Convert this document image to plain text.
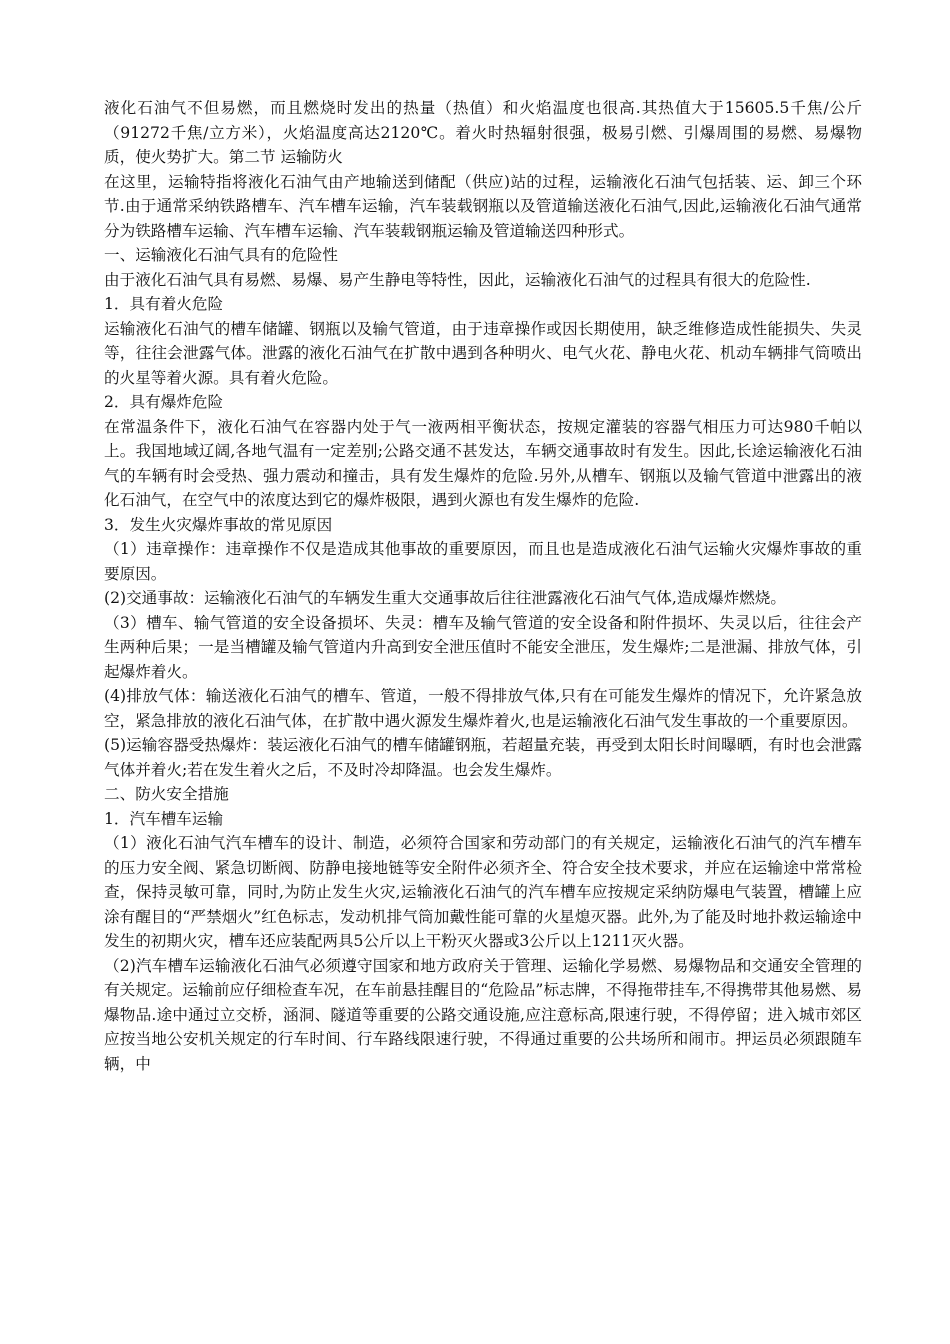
液化石油气不但易燃，而且燃烧时发出的热量（热值）和火焰温度也很高.其热值大于15605.5千焦/公斤（91272千焦/立方米），火焰温度高达2120℃。着火时热辐射很强，极易引燃、引爆周围的易燃、易爆物质，使火势扩大。第二节 运输防火

在这里，运输特指将液化石油气由产地输送到储配（供应)站的过程，运输液化石油气包括装、运、卸三个环节.由于通常采纳铁路槽车、汽车槽车运输，汽车装载钢瓶以及管道输送液化石油气,因此,运输液化石油气通常分为铁路槽车运输、汽车槽车运输、汽车装载钢瓶运输及管道输送四种形式。

一、运输液化石油气具有的危险性

由于液化石油气具有易燃、易爆、易产生静电等特性，因此，运输液化石油气的过程具有很大的危险性.

1．具有着火危险

运输液化石油气的槽车储罐、钢瓶以及输气管道，由于违章操作或因长期使用，缺乏维修造成性能损失、失灵等，往往会泄露气体。泄露的液化石油气在扩散中遇到各种明火、电气火花、静电火花、机动车辆排气筒喷出的火星等着火源。具有着火危险。

2．具有爆炸危险

在常温条件下，液化石油气在容器内处于气一液两相平衡状态，按规定灌装的容器气相压力可达980千帕以上。我国地域辽阔,各地气温有一定差别;公路交通不甚发达，车辆交通事故时有发生。因此,长途运输液化石油气的车辆有时会受热、强力震动和撞击，具有发生爆炸的危险.另外,从槽车、钢瓶以及输气管道中泄露出的液化石油气，在空气中的浓度达到它的爆炸极限，遇到火源也有发生爆炸的危险.

3．发生火灾爆炸事故的常见原因

（1）违章操作：违章操作不仅是造成其他事故的重要原因，而且也是造成液化石油气运输火灾爆炸事故的重要原因。

(2)交通事故：运输液化石油气的车辆发生重大交通事故后往往泄露液化石油气气体,造成爆炸燃烧。

（3）槽车、输气管道的安全设备损坏、失灵：槽车及输气管道的安全设备和附件损坏、失灵以后，往往会产生两种后果；一是当槽罐及输气管道内升高到安全泄压值时不能安全泄压，发生爆炸;二是泄漏、排放气体，引起爆炸着火。

(4)排放气体：输送液化石油气的槽车、管道，一般不得排放气体,只有在可能发生爆炸的情况下，允许紧急放空，紧急排放的液化石油气体，在扩散中遇火源发生爆炸着火,也是运输液化石油气发生事故的一个重要原因。

(5)运输容器受热爆炸：装运液化石油气的槽车储罐钢瓶，若超量充装，再受到太阳长时间曝晒，有时也会泄露气体并着火;若在发生着火之后，不及时冷却降温。也会发生爆炸。

二、防火安全措施

1．汽车槽车运输

（1）液化石油气汽车槽车的设计、制造，必须符合国家和劳动部门的有关规定，运输液化石油气的汽车槽车的压力安全阀、紧急切断阀、防静电接地链等安全附件必须齐全、符合安全技术要求，并应在运输途中常常检查，保持灵敏可靠，同时,为防止发生火灾,运输液化石油气的汽车槽车应按规定采纳防爆电气装置，槽罐上应涂有醒目的“严禁烟火”红色标志，发动机排气筒加戴性能可靠的火星熄灭器。此外,为了能及时地扑救运输途中发生的初期火灾，槽车还应装配两具5公斤以上干粉灭火器或3公斤以上1211灭火器。

（2)汽车槽车运输液化石油气必须遵守国家和地方政府关于管理、运输化学易燃、易爆物品和交通安全管理的有关规定。运输前应仔细检查车况，在车前悬挂醒目的“危险品”标志牌，不得拖带挂车,不得携带其他易燃、易爆物品.途中通过立交桥，涵洞、隧道等重要的公路交通设施,应注意标高,限速行驶，不得停留；进入城市郊区应按当地公安机关规定的行车时间、行车路线限速行驶，不得通过重要的公共场所和闹市。押运员必须跟随车辆，中
